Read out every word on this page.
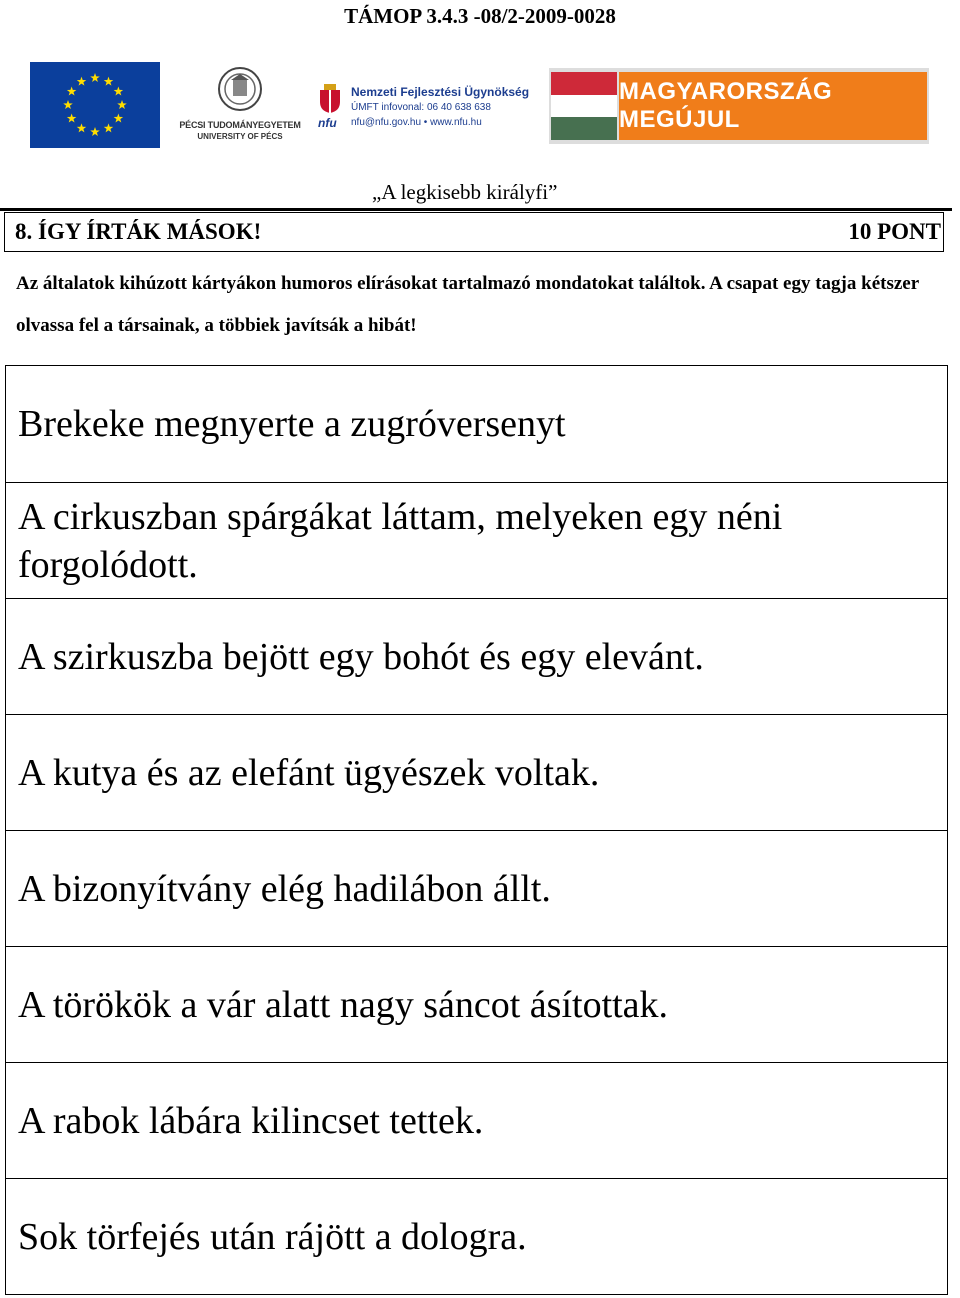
TÁMOP 3.4.3 -08/2-2009-0028
PÉCSI TUDOMÁNYEGYETEM
UNIVERSITY OF PÉCS
Nemzeti Fejlesztési Ügynökség
ÚMFT infovonal: 06 40 638 638
nfu nfu@nfu.gov.hu • www.nfu.hu
MAGYARORSZÁG MEGÚJUL
„A legkisebb királyfi”
8. ÍGY ÍRTÁK MÁSOK!	10 PONT
Az általatok kihúzott kártyákon humoros elírásokat tartalmazó mondatokat találtok. A csapat egy tagja kétszer olvassa fel a társainak, a többiek javítsák a hibát!
Brekeke megnyerte a zugróversenyt
A cirkuszban spárgákat láttam, melyeken egy néni forgolódott.
A szirkuszba bejött egy bohót és egy elevánt.
A kutya és az elefánt ügyészek voltak.
A bizonyítvány elég hadilábon állt.
A törökök a vár alatt nagy sáncot ásítottak.
A rabok lábára kilincset tettek.
Sok törfejés után rájött a dologra.
